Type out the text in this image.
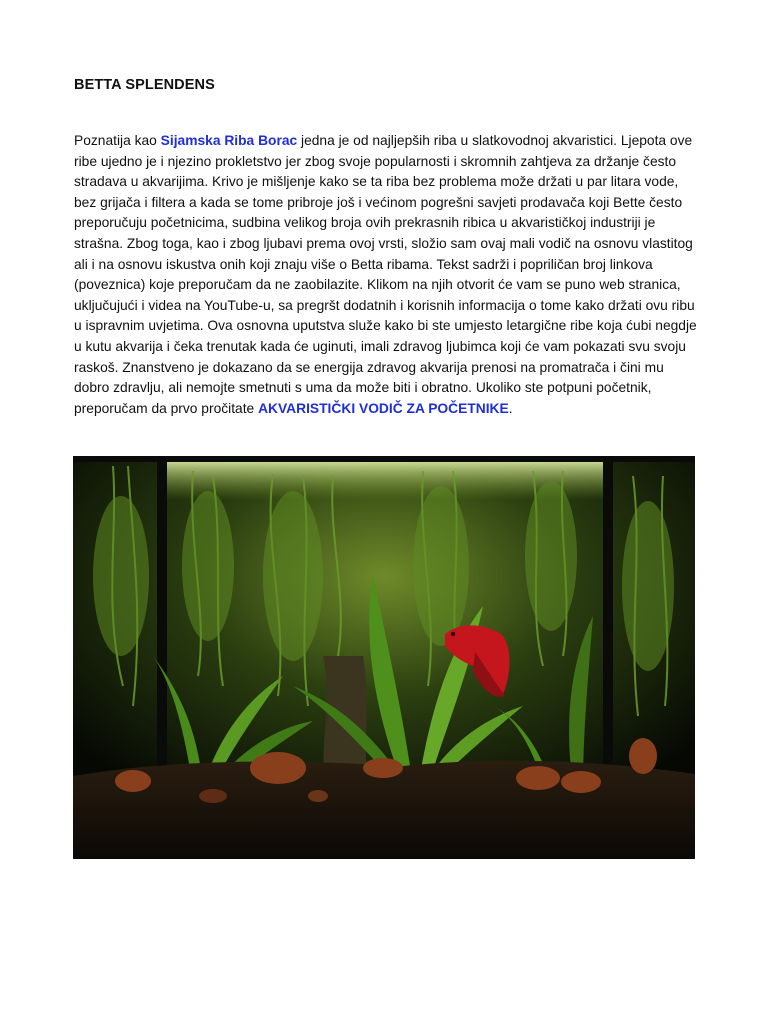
BETTA SPLENDENS

Poznatija kao Sijamska Riba Borac jedna je od najljepših riba u slatkovodnoj akvaristici. Ljepota ove ribe ujedno je i njezino prokletstvo jer zbog svoje popularnosti i skromnih zahtjeva za držanje često stradava u akvarijima. Krivo je mišljenje kako se ta riba bez problema može držati u par litara vode, bez grijača i filtera a kada se tome pribroje još i većinom pogrešni savjeti prodavača koji Bette često preporučuju početnicima, sudbina velikog broja ovih prekrasnih ribica u akvarističkoj industriji je strašna. Zbog toga, kao i zbog ljubavi prema ovoj vrsti, složio sam ovaj mali vodič na osnovu vlastitog ali i na osnovu iskustva onih koji znaju više o Betta ribama. Tekst sadrži i popriličan broj linkova (poveznica) koje preporučam da ne zaobilazite. Klikom na njih otvorit će vam se puno web stranica, uključujući i videa na YouTube-u, sa pregršt dodatnih i korisnih informacija o tome kako držati ovu ribu u ispravnim uvjetima. Ova osnovna uputstva služe kako bi ste umjesto letargične ribe koja ćubi negdje u kutu akvarija i čeka trenutak kada će uginuti, imali zdravog ljubimca koji će vam pokazati svu svoju raskoš. Znanstveno je dokazano da se energija zdravog akvarija prenosi na promatrača i čini mu dobro zdravlju, ali nemojte smetnuti s uma da može biti i obratno. Ukoliko ste potpuni početnik, preporučam da prvo pročitate AKVARISTIČKI VODIČ ZA POČETNIKE.
